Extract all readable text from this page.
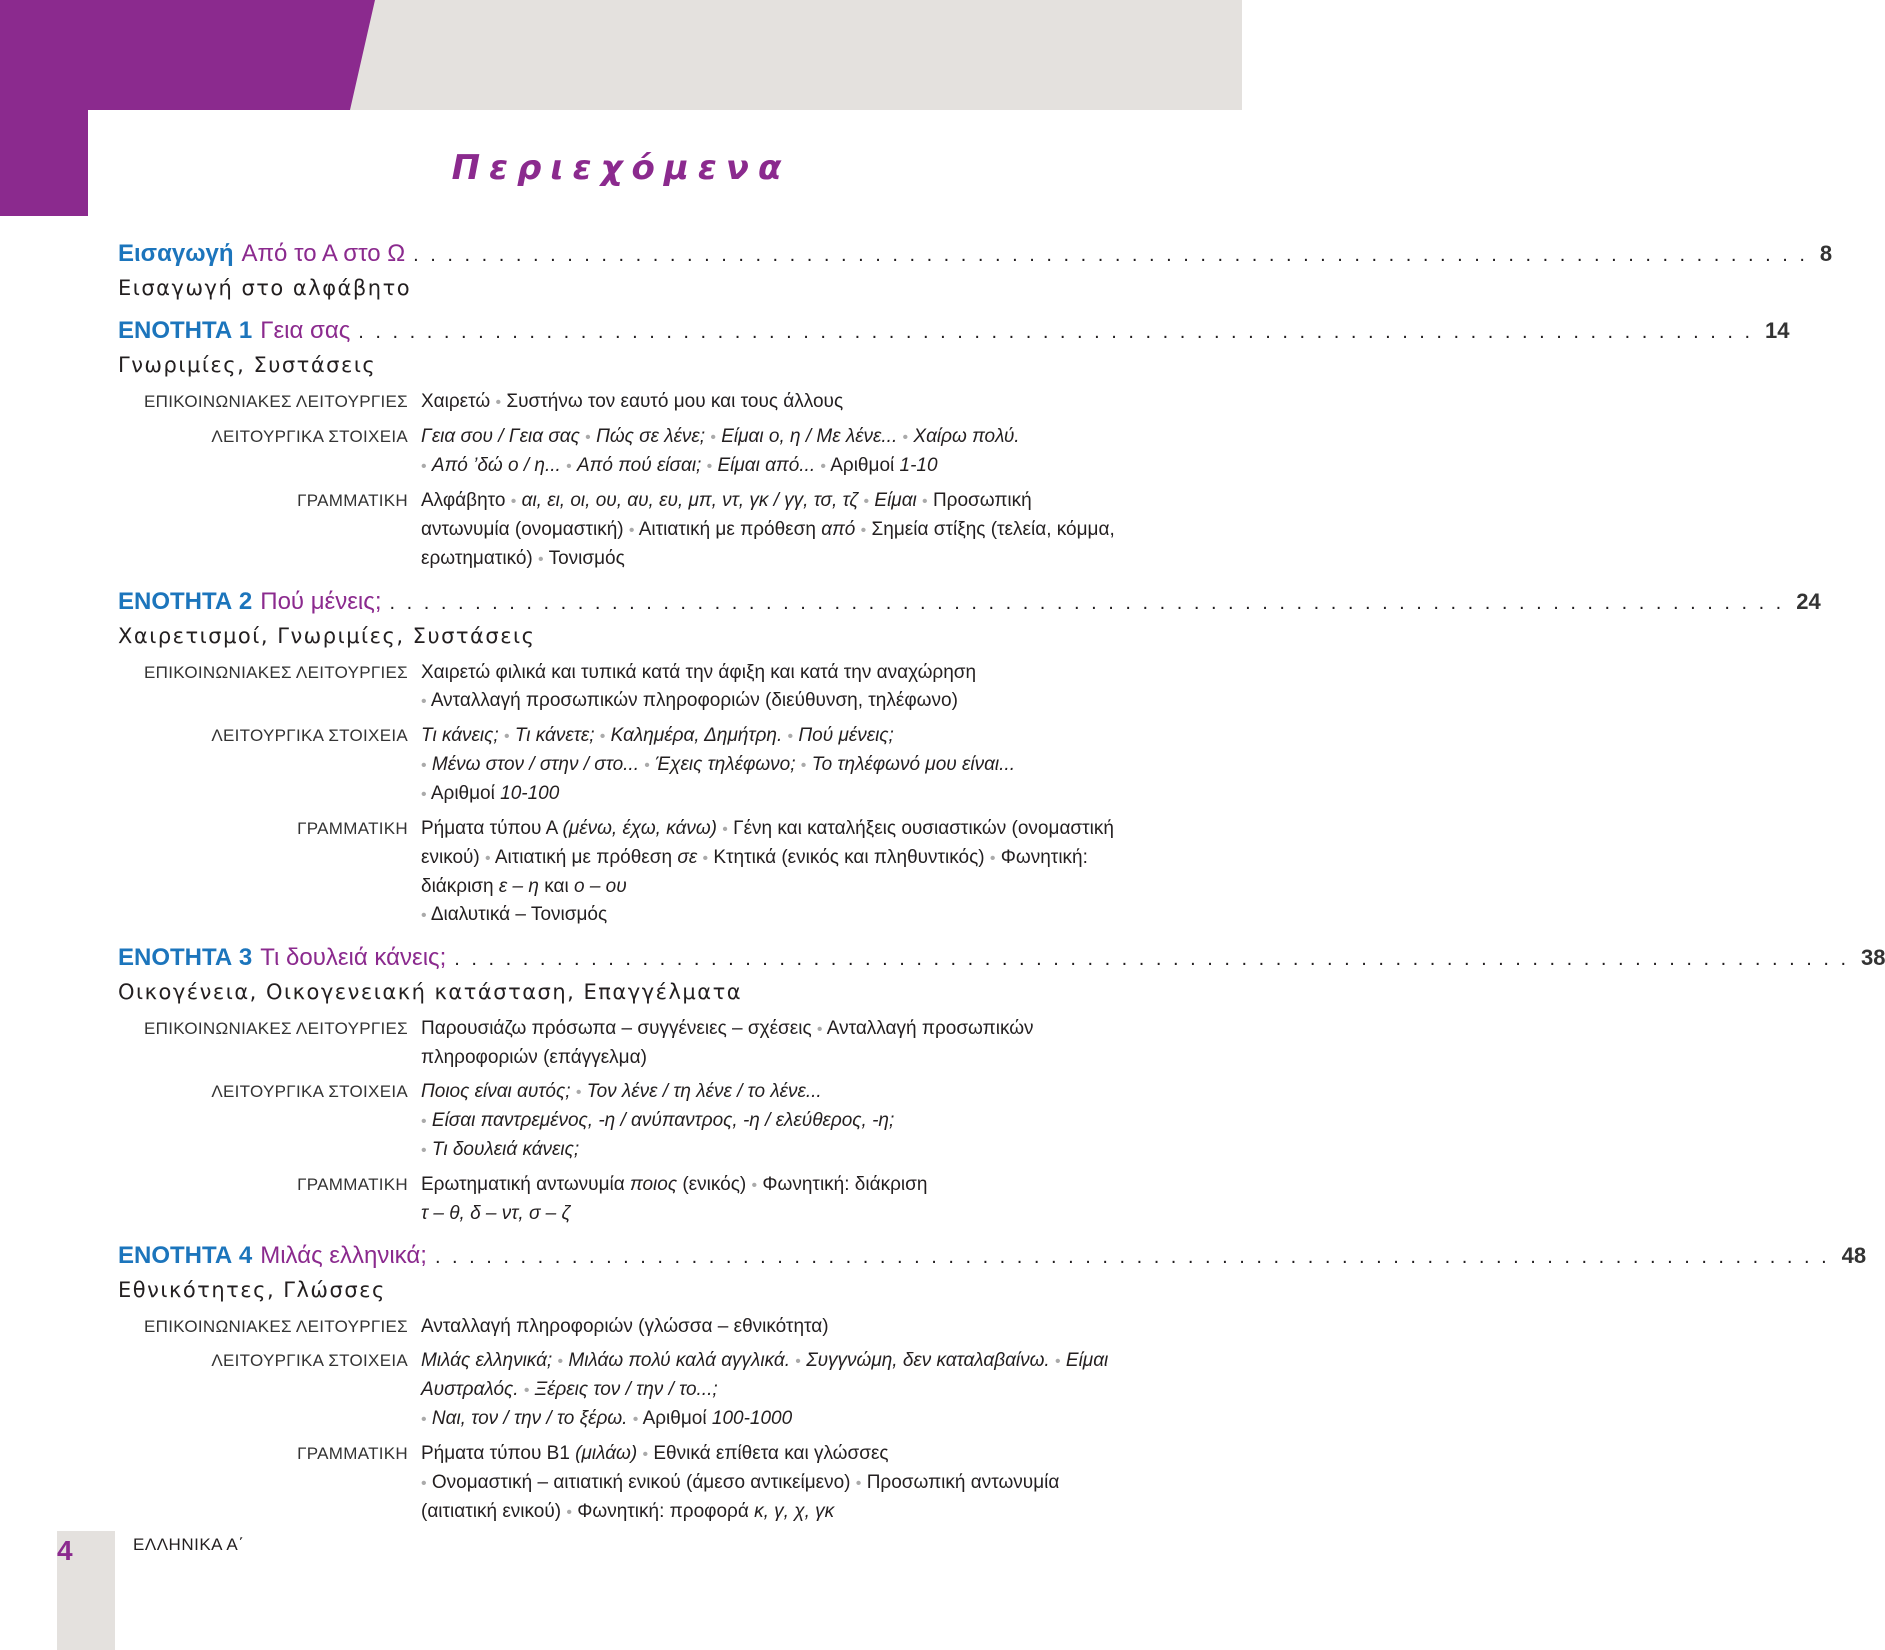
Περιεχόμενα
Εισαγωγή Από το Α στο Ω . . . . . . . . . . . . . . . . . . . . . . . . . . . . . . . . . . . . . . . . . . . . . . . . . . . . . . . . . . . . . . . . . . . . . . . . . . . . . . . . . . 8
Εισαγωγή στο αλφάβητο
ΕΝΟΤΗΤΑ 1 Γεια σας . . . . . . . . . . . . . . . . . . . . . . . . . . . . . . . . . . . . . . . . . . . . . . . . . . . . . . . . . . . . . . . . . . . . . . . . . . . . . . . . . . 14
Γνωριμίες, Συστάσεις
ΕΠΙΚΟΙΝΩΝΙΑΚΕΣ ΛΕΙΤΟΥΡΓΙΕΣ Χαιρετώ • Συστήνω τον εαυτό μου και τους άλλους
ΛΕΙΤΟΥΡΓΙΚΑ ΣΤΟΙΧΕΙΑ Γεια σου / Γεια σας • Πώς σε λένε; • Είμαι ο, η / Με λένε... • Χαίρω πολύ.
• Από ’δώ ο / η... • Από πού είσαι; • Είμαι από... • Αριθμοί 1-10
ΓΡΑΜΜΑΤΙΚΗ Αλφάβητο • αι, ει, οι, ου, αυ, ευ, μπ, ντ, γκ / γγ, τσ, τζ • Είμαι • Προσωπική αντωνυμία (ονομαστική) • Αιτιατική με πρόθεση από • Σημεία στίξης (τελεία, κόμμα, ερωτηματικό) • Τονισμός
ΕΝΟΤΗΤΑ 2 Πού μένεις; . . . . . . . . . . . . . . . . . . . . . . . . . . . . . . . . . . . . . . . . . . . . . . . . . . . . . . . . . . . . . . . . . . . . . . . . . . . . . . . . . . 24
Χαιρετισμοί, Γνωριμίες, Συστάσεις
ΕΠΙΚΟΙΝΩΝΙΑΚΕΣ ΛΕΙΤΟΥΡΓΙΕΣ Χαιρετώ φιλικά και τυπικά κατά την άφιξη και κατά την αναχώρηση
• Ανταλλαγή προσωπικών πληροφοριών (διεύθυνση, τηλέφωνο)
ΛΕΙΤΟΥΡΓΙΚΑ ΣΤΟΙΧΕΙΑ Τι κάνεις; • Τι κάνετε; • Καλημέρα, Δημήτρη. • Πού μένεις;
• Μένω στον / στην / στο... • Έχεις τηλέφωνο; • Το τηλέφωνό μου είναι...
• Αριθμοί 10-100
ΓΡΑΜΜΑΤΙΚΗ Ρήματα τύπου Α (μένω, έχω, κάνω) • Γένη και καταλήξεις ουσιαστικών (ονομαστική ενικού) • Αιτιατική με πρόθεση σε • Κτητικά (ενικός και πληθυντικός) • Φωνητική: διάκριση ε – η και ο – ου
• Διαλυτικά – Τονισμός
ΕΝΟΤΗΤΑ 3 Τι δουλειά κάνεις; . . . . . . . . . . . . . . . . . . . . . . . . . . . . . . . . . . . . . . . . . . . . . . . . . . . . . . . . . . . . . . . . . . . . . . . . . . . . . . . . . . 38
Οικογένεια, Οικογενειακή κατάσταση, Επαγγέλματα
ΕΠΙΚΟΙΝΩΝΙΑΚΕΣ ΛΕΙΤΟΥΡΓΙΕΣ Παρουσιάζω πρόσωπα – συγγένειες – σχέσεις • Ανταλλαγή προσωπικών πληροφοριών (επάγγελμα)
ΛΕΙΤΟΥΡΓΙΚΑ ΣΤΟΙΧΕΙΑ Ποιος είναι αυτός; • Τον λένε / τη λένε / το λένε...
• Είσαι παντρεμένος, -η / ανύπαντρος, -η / ελεύθερος, -η;
• Τι δουλειά κάνεις;
ΓΡΑΜΜΑΤΙΚΗ Ερωτηματική αντωνυμία ποιος (ενικός) • Φωνητική: διάκριση
τ – θ, δ – ντ, σ – ζ
ΕΝΟΤΗΤΑ 4 Μιλάς ελληνικά; . . . . . . . . . . . . . . . . . . . . . . . . . . . . . . . . . . . . . . . . . . . . . . . . . . . . . . . . . . . . . . . . . . . . . . . . . . . . . . . . . . 48
Εθνικότητες, Γλώσσες
ΕΠΙΚΟΙΝΩΝΙΑΚΕΣ ΛΕΙΤΟΥΡΓΙΕΣ Ανταλλαγή πληροφοριών (γλώσσα – εθνικότητα)
ΛΕΙΤΟΥΡΓΙΚΑ ΣΤΟΙΧΕΙΑ Μιλάς ελληνικά; • Μιλάω πολύ καλά αγγλικά. • Συγγνώμη, δεν καταλαβαίνω. • Είμαι Αυστραλός. • Ξέρεις τον / την / το...;
• Ναι, τον / την / το ξέρω. • Αριθμοί 100-1000
ΓΡΑΜΜΑΤΙΚΗ Ρήματα τύπου Β1 (μιλάω) • Εθνικά επίθετα και γλώσσες
• Ονομαστική – αιτιατική ενικού (άμεσο αντικείμενο) • Προσωπική αντωνυμία (αιτιατική ενικού) • Φωνητική: προφορά κ, γ, χ, γκ
4	ΕΛΛΗΝΙΚΑ Α΄
